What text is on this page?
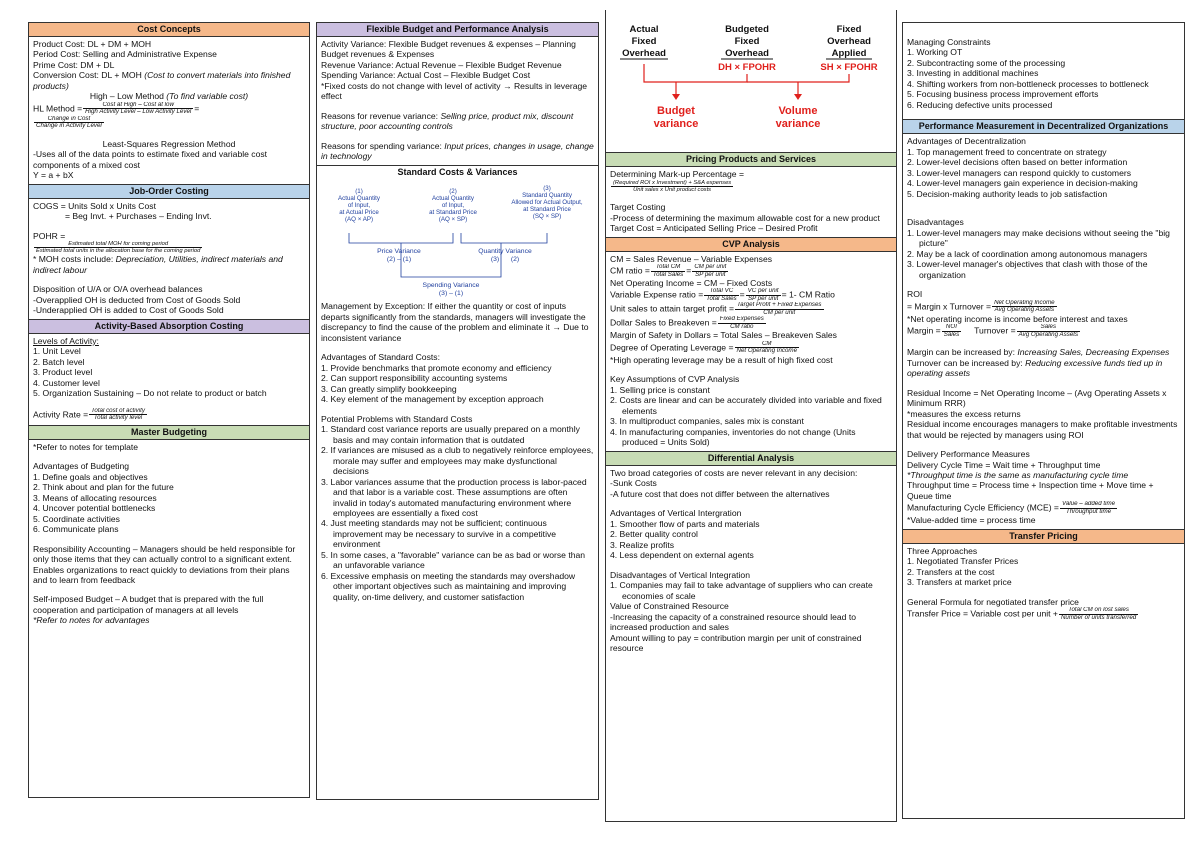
Cost Concepts
Product Cost: DL + DM + MOH
Period Cost: Selling and Administrative Expense
Prime Cost: DM + DL
Conversion Cost: DL + MOH (Cost to convert materials into finished products)
High – Low Method (To find variable cost)
HL Method = $\frac{\text{Cost at High – Cost at low}}{\text{High Activity Level – Low Activity Level}}$ =
$\frac{\text{Change in Cost}}{\text{Change in Activity Level}}$
Least-Squares Regression Method
-Uses all of the data points to estimate fixed and variable cost
components of a mixed cost
Y = a + bX
Job-Order Costing
COGS = Units Sold x Units Cost
= Beg Invt. + Purchases – Ending Invt.
POHR =
Estimated total MOH for coming period
Estimated total units in the allocation base for the coming period
* MOH costs include: Depreciation, Utilities, indirect materials and indirect labour
Disposition of U/A or O/A overhead balances
-Overapplied OH is deducted from Cost of Goods Sold
-Underapplied OH is added to Cost of Goods Sold
Activity-Based Absorption Costing
Levels of Activity:
1. Unit Level
2. Batch level
3. Product level
4. Customer level
5. Organization Sustaining – Do not relate to product or batch
Activity Rate = $\frac{\text{Total cost of activity}}{\text{Total activity level}}$
Master Budgeting
*Refer to notes for template
Advantages of Budgeting
1. Define goals and objectives
2. Think about and plan for the future
3. Means of allocating resources
4. Uncover potential bottlenecks
5. Coordinate activities
6. Communicate plans
Responsibility Accounting – Managers should be held responsible for only those items that they can actually control to a significant extent. Enables organizations to react quickly to deviations from their plans and to learn from feedback
Self-imposed Budget – A budget that is prepared with the full cooperation and participation of managers at all levels
*Refer to notes for advantages
Flexible Budget and Performance Analysis
Activity Variance: Flexible Budget revenues & expenses – Planning Budget revenues & Expenses
Revenue Variance: Actual Revenue – Flexible Budget Revenue
Spending Variance: Actual Cost – Flexible Budget Cost
*Fixed costs do not change with level of activity → Results in leverage effect
Reasons for revenue variance: Selling price, product mix, discount structure, poor accounting controls
Reasons for spending variance: Input prices, changes in usage, change in technology
Standard Costs & Variances
(1)
Actual Quantity
of Input,
at Actual Price
(AQ × AP)
(2)
Actual Quantity
of Input,
at Standard Price
(AQ × SP)
(3)
Standard Quantity
Allowed for Actual Output,
at Standard Price
(SQ × SP)
Price Variance
(2) – (1)
Quantity Variance
(3) (2)
Spending Variance
(3) – (1)
Management by Exception: If either the quantity or cost of inputs departs significantly from the standards, managers will investigate the discrepancy to find the cause of the problem and eliminate it → Due to inconsistent variance
Advantages of Standard Costs:
1. Provide benchmarks that promote economy and efficiency
2. Can support responsibility accounting systems
3. Can greatly simplify bookkeeping
4. Key element of the management by exception approach
Potential Problems with Standard Costs
1. Standard cost variance reports are usually prepared on a monthly basis and may contain information that is outdated
2. If variances are misused as a club to negatively reinforce employees, morale may suffer and employees may make dysfunctional decisions
3. Labor variances assume that the production process is labor-paced and that labor is a variable cost. These assumptions are often invalid in today's automated manufacturing environment where employees are essentially a fixed cost
4. Just meeting standards may not be sufficient; continuous improvement may be necessary to survive in a competitive environment
5. In some cases, a "favorable" variance can be as bad or worse than an unfavorable variance
6. Excessive emphasis on meeting the standards may overshadow other important objectives such as maintaining and improving quality, on-time delivery, and customer satisfaction
Actual
Fixed
Overhead
Budgeted
Fixed
Overhead
Fixed
Overhead
Applied
DH × FPOHR	SH × FPOHR
Budget
variance
Volume
variance
Pricing Products and Services
Determining Mark-up Percentage =
$\frac{\text{(Required ROI x Investment) + S\&A expenses}}{\text{Unit sales x Unit product costs}}$
Target Costing
-Process of determining the maximum allowable cost for a new product
Target Cost = Anticipated Selling Price – Desired Profit
CVP Analysis
CM = Sales Revenue – Variable Expenses
CM ratio = $\frac{\text{Total CM}}{\text{Total Sales}} = \frac{\text{CM per unit}}{\text{SP per unit}}$
Net Operating Income = CM – Fixed Costs
Variable Expense ratio = $\frac{\text{Total VC}}{\text{Total Sales}} = \frac{\text{VC per unit}}{\text{SP per unit}} = 1-$ CM Ratio
Unit sales to attain target profit = $\frac{\text{Target Profit + Fixed Expenses}}{\text{CM per unit}}$
Dollar Sales to Breakeven = $\frac{\text{Fixed Expenses}}{\text{CM ratio}}$
Margin of Safety in Dollars = Total Sales – Breakeven Sales
Degree of Operating Leverage = $\frac{CM}{\text{Net Operating Income}}$
*High operating leverage may be a result of high fixed cost
Key Assumptions of CVP Analysis
1. Selling price is constant
2. Costs are linear and can be accurately divided into variable and fixed elements
3. In multiproduct companies, sales mix is constant
4. In manufacturing companies, inventories do not change (Units produced = Units Sold)
Differential Analysis
Two broad categories of costs are never relevant in any decision:
-Sunk Costs
-A future cost that does not differ between the alternatives
Advantages of Vertical Intergration
1. Smoother flow of parts and materials
2. Better quality control
3. Realize profits
4. Less dependent on external agents
Disadvantages of Vertical Integration
1. Companies may fail to take advantage of suppliers who can create economies of scale
Value of Constrained Resource
-Increasing the capacity of a constrained resource should lead to increased production and sales
Amount willing to pay = contribution margin per unit of constrained resource
Managing Constraints
1. Working OT
2. Subcontracting some of the processing
3. Investing in additional machines
4. Shifting workers from non-bottleneck processes to bottleneck
5. Focusing business process improvement efforts
6. Reducing defective units processed
Performance Measurement in Decentralized Organizations
Advantages of Decentralization
1. Top management freed to concentrate on strategy
2. Lower-level decisions often based on better information
3. Lower-level managers can respond quickly to customers
4. Lower-level managers gain experience in decision-making
5. Decision-making authority leads to job satisfaction
Disadvantages
1. Lower-level managers may make decisions without seeing the "big picture"
2. May be a lack of coordination among autonomous managers
3. Lower-level manager's objectives that clash with those of the organization
ROI
= Margin x Turnover = $\frac{\text{Net Operating Income}}{\text{Avg Operating Assets}}$
*Net operating income is income before interest and taxes
Margin = $\frac{\text{NOI}}{\text{Sales}}$ Turnover = $\frac{\text{Sales}}{\text{Avg Operating Assets}}$
Margin can be increased by: Increasing Sales, Decreasing Expenses
Turnover can be increased by: Reducing excessive funds tied up in operating assets
Residual Income = Net Operating Income – (Avg Operating Assets x Minimum RRR)
*measures the excess returns
Residual income encourages managers to make profitable investments that would be rejected by managers using ROI
Delivery Performance Measures
Delivery Cycle Time = Wait time + Throughput time
*Throughput time is the same as manufacturing cycle time
Throughput time = Process time + Inspection time + Move time + Queue time
Manufacturing Cycle Efficiency $(MCE) = \frac{\text{Value – added time}}{\text{Throughput time}}$
*Value-added time = process time
Transfer Pricing
Three Approaches
1. Negotiated Transfer Prices
2. Transfers at the cost
3. Transfers at market price
General Formula for negotiated transfer price
Transfer Price = Variable cost per unit + $\frac{\text{Total CM on lost sales}}{\text{Number of units transferred}}$
